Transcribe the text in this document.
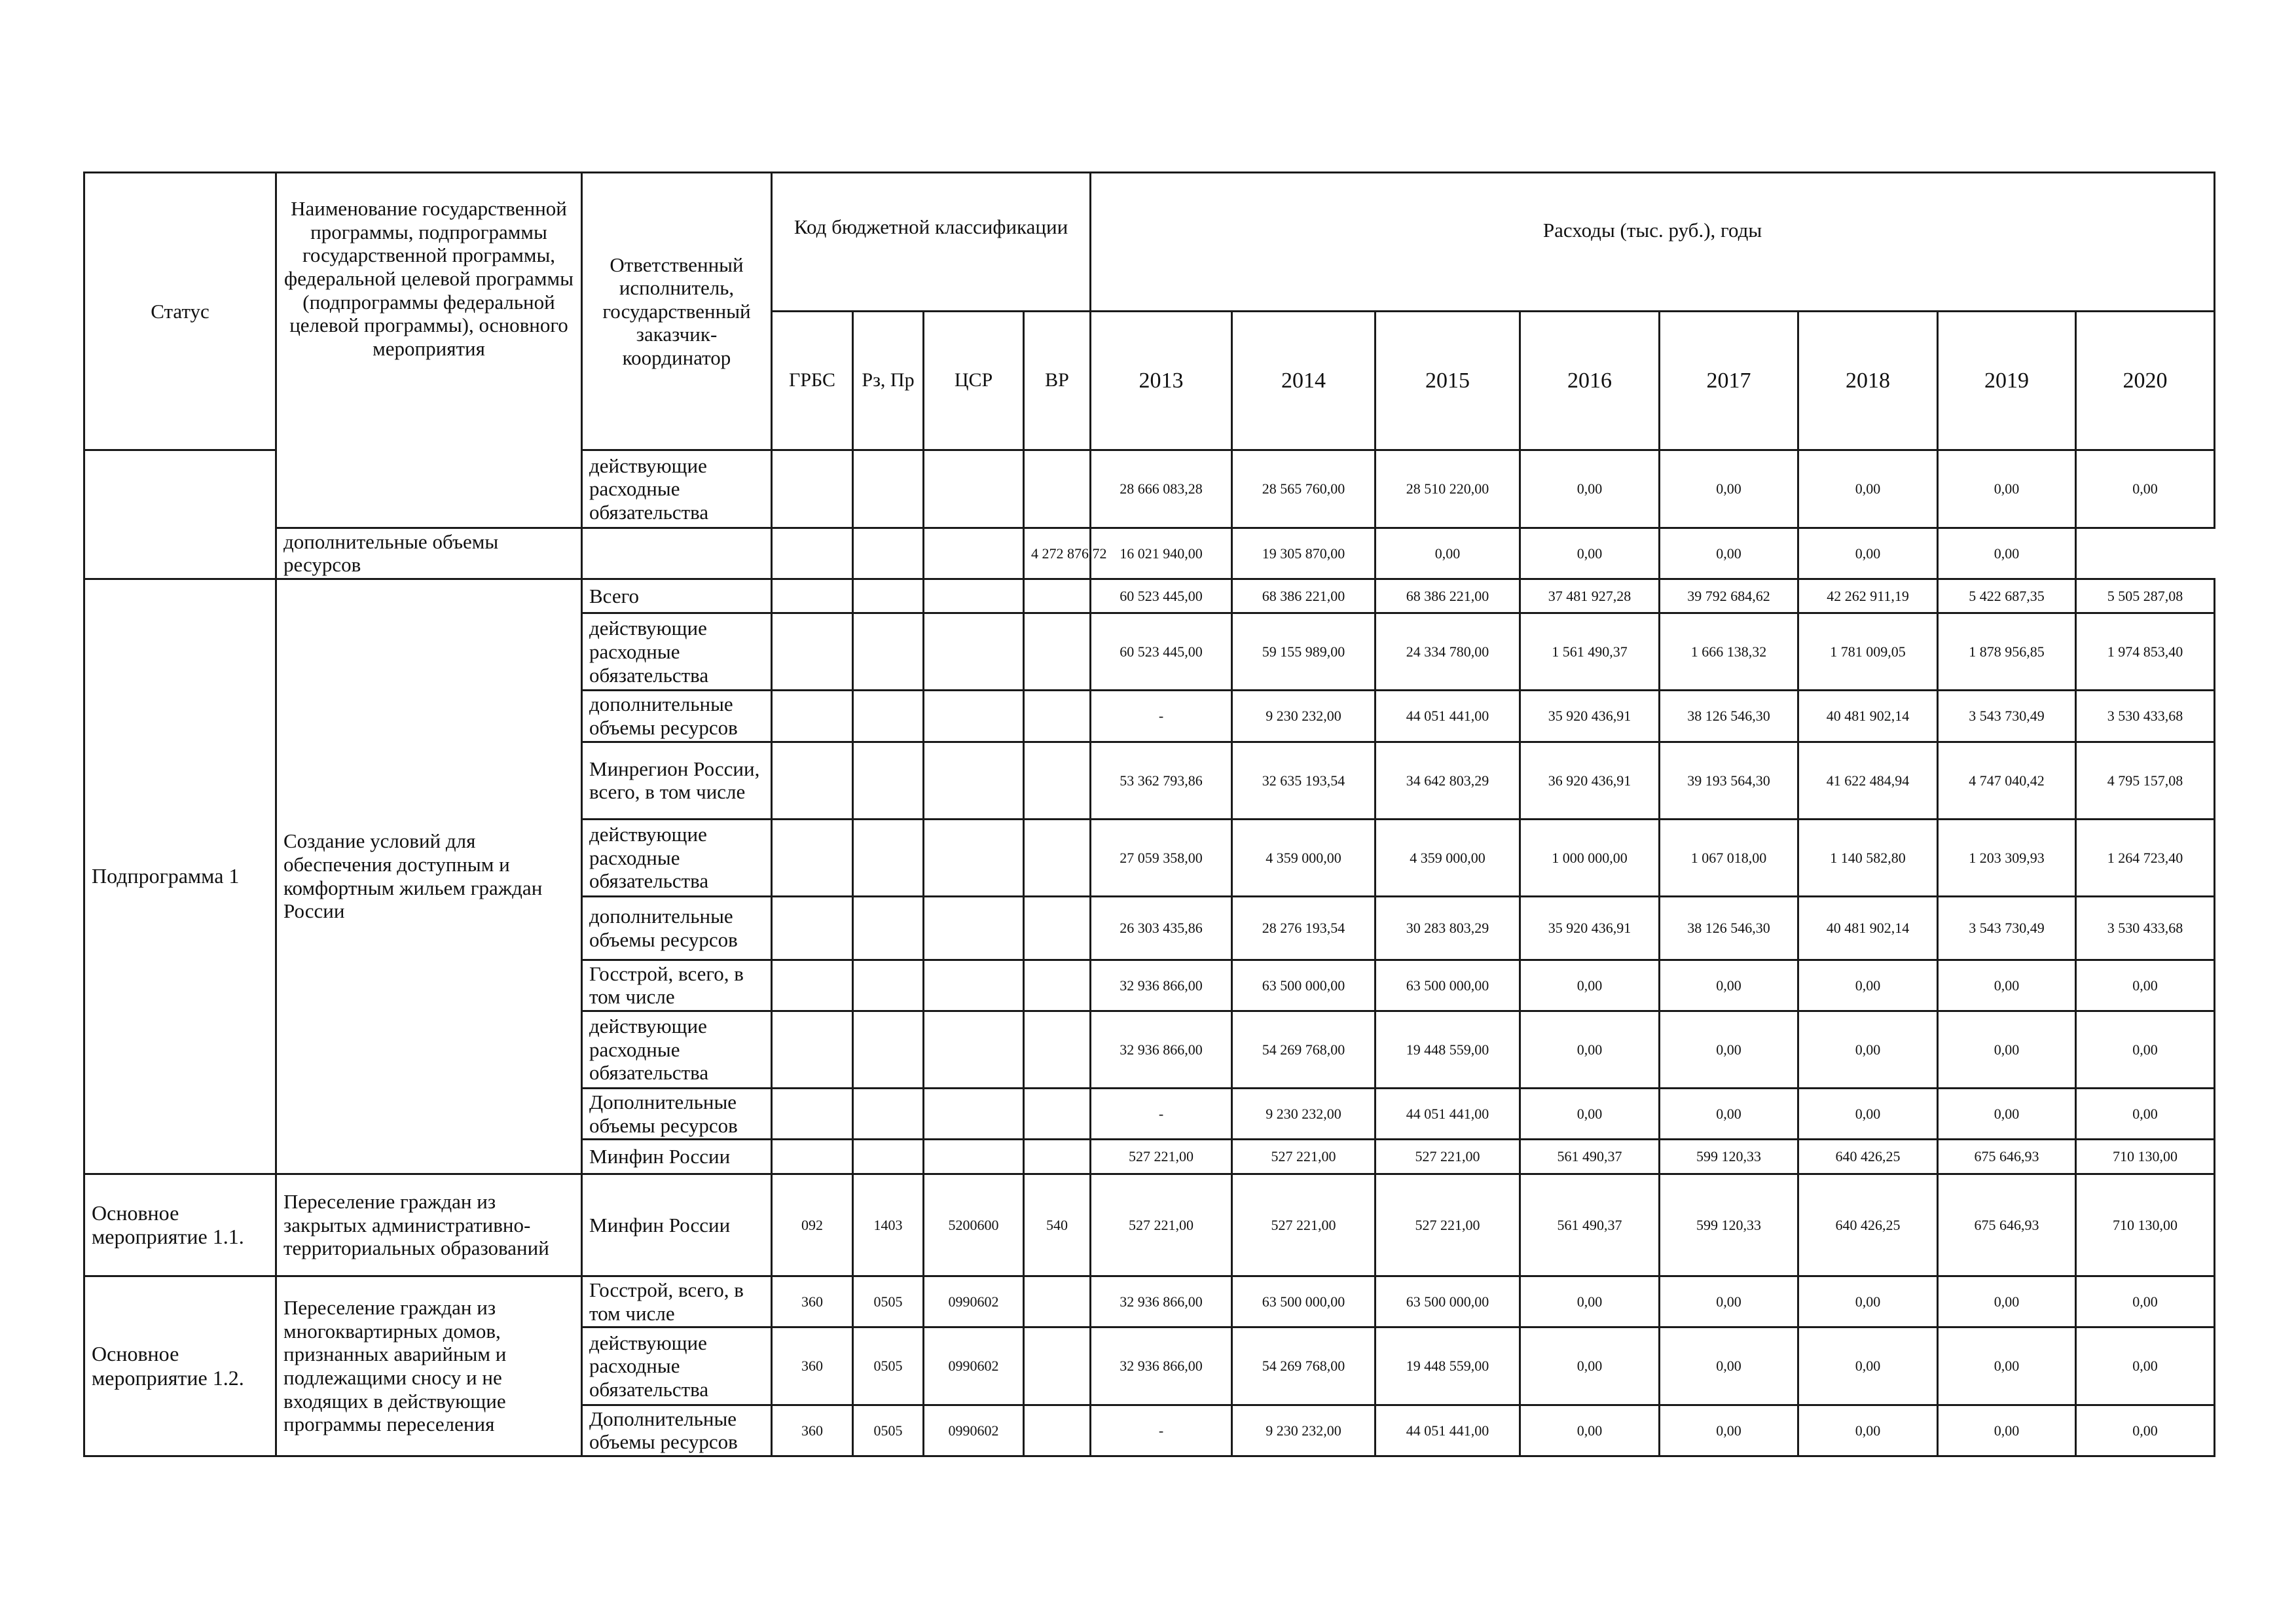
Статус	Наименование государственной программы, подпрограммы государственной программы, федеральной целевой программы (подпрограммы федеральной целевой программы), основного мероприятия	Ответственный исполнитель, государственный заказчик-координатор	Код бюджетной классификации				Расходы (тыс. руб.), годы							
			ГРБС	Рз, Пр	ЦСР	ВР	2013	2014	2015	2016	2017	2018	2019	2020
		действующие расходные обязательства					28 666 083,28	28 565 760,00	28 510 220,00	0,00	0,00	0,00	0,00	0,00
	дополнительные объемы ресурсов					4 272 876,72	16 021 940,00	19 305 870,00	0,00	0,00	0,00	0,00	0,00	
Подпрограмма 1	Создание условий для обеспечения доступным и комфортным жильем граждан России	Всего					60 523 445,00	68 386 221,00	68 386 221,00	37 481 927,28	39 792 684,62	42 262 911,19	5 422 687,35	5 505 287,08
		действующие расходные обязательства					60 523 445,00	59 155 989,00	24 334 780,00	1 561 490,37	1 666 138,32	1 781 009,05	1 878 956,85	1 974 853,40
		дополнительные объемы ресурсов					-	9 230 232,00	44 051 441,00	35 920 436,91	38 126 546,30	40 481 902,14	3 543 730,49	3 530 433,68
		Минрегион России, всего, в том числе					53 362 793,86	32 635 193,54	34 642 803,29	36 920 436,91	39 193 564,30	41 622 484,94	4 747 040,42	4 795 157,08
		действующие расходные обязательства					27 059 358,00	4 359 000,00	4 359 000,00	1 000 000,00	1 067 018,00	1 140 582,80	1 203 309,93	1 264 723,40
		дополнительные объемы ресурсов					26 303 435,86	28 276 193,54	30 283 803,29	35 920 436,91	38 126 546,30	40 481 902,14	3 543 730,49	3 530 433,68
		Госстрой, всего, в том числе					32 936 866,00	63 500 000,00	63 500 000,00	0,00	0,00	0,00	0,00	0,00
		действующие расходные обязательства					32 936 866,00	54 269 768,00	19 448 559,00	0,00	0,00	0,00	0,00	0,00
		Дополнительные объемы ресурсов					-	9 230 232,00	44 051 441,00	0,00	0,00	0,00	0,00	0,00
		Минфин России					527 221,00	527 221,00	527 221,00	561 490,37	599 120,33	640 426,25	675 646,93	710 130,00
Основное мероприятие 1.1.	Переселение граждан из закрытых административно-территориальных образований	Минфин России	092	1403	5200600	540	527 221,00	527 221,00	527 221,00	561 490,37	599 120,33	640 426,25	675 646,93	710 130,00
Основное мероприятие 1.2.	Переселение граждан из многоквартирных домов, признанных аварийным и подлежащими сносу и не входящих в действующие программы переселения	Госстрой, всего, в том числе	360	0505	0990602		32 936 866,00	63 500 000,00	63 500 000,00	0,00	0,00	0,00	0,00	0,00
		действующие расходные обязательства	360	0505	0990602		32 936 866,00	54 269 768,00	19 448 559,00	0,00	0,00	0,00	0,00	0,00
		Дополнительные объемы ресурсов	360	0505	0990602		-	9 230 232,00	44 051 441,00	0,00	0,00	0,00	0,00	0,00
